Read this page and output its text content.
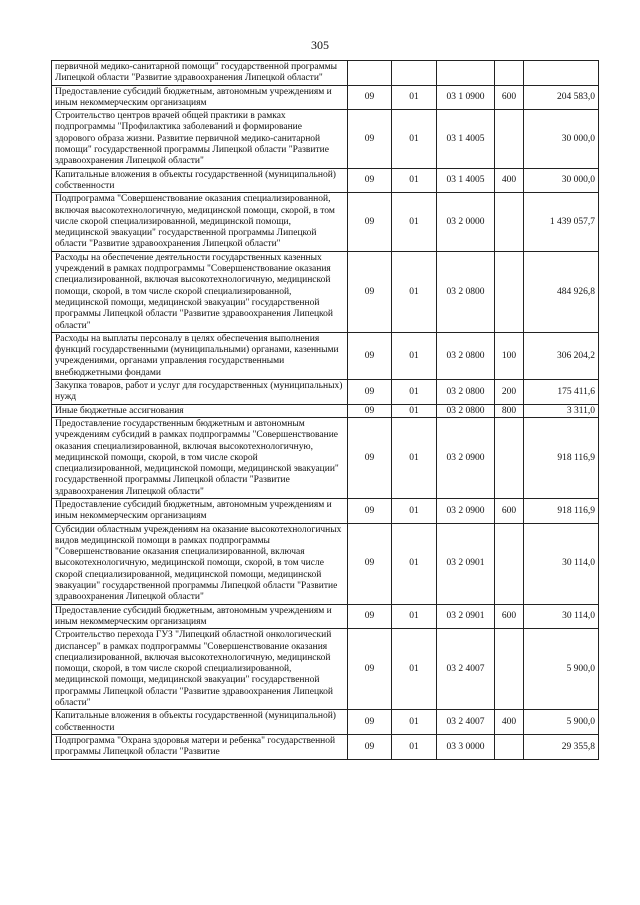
305
первичной медико-санитарной помощи" государственной программы Липецкой области "Развитие здравоохранения Липецкой области"					
Предоставление субсидий бюджетным, автономным учреждениям и иным некоммерческим организациям	09	01	03 1 0900	600	204 583,0
Строительство центров врачей общей практики в рамках подпрограммы "Профилактика заболеваний и формирование здорового образа жизни. Развитие первичной медико-санитарной помощи" государственной программы Липецкой области "Развитие здравоохранения Липецкой области"	09	01	03 1 4005		30 000,0
Капитальные вложения в объекты государственной (муниципальной) собственности	09	01	03 1 4005	400	30 000,0
Подпрограмма "Совершенствование оказания специализированной, включая высокотехнологичную, медицинской помощи, скорой, в том числе скорой специализированной, медицинской помощи, медицинской эвакуации" государственной программы Липецкой области "Развитие здравоохранения Липецкой области"	09	01	03 2 0000		1 439 057,7
Расходы на обеспечение деятельности государственных казенных учреждений в рамках подпрограммы "Совершенствование оказания специализированной, включая высокотехнологичную, медицинской помощи, скорой, в том числе скорой специализированной, медицинской помощи, медицинской эвакуации" государственной программы Липецкой области "Развитие здравоохранения Липецкой области"	09	01	03 2 0800		484 926,8
Расходы на выплаты персоналу в целях обеспечения выполнения функций государственными (муниципальными) органами, казенными учреждениями, органами управления государственными внебюджетными фондами	09	01	03 2 0800	100	306 204,2
Закупка товаров, работ и услуг для государственных (муниципальных) нужд	09	01	03 2 0800	200	175 411,6
Иные бюджетные ассигнования	09	01	03 2 0800	800	3 311,0
Предоставление государственным бюджетным и автономным учреждениям субсидий в рамках подпрограммы "Совершенствование оказания специализированной, включая высокотехнологичную, медицинской помощи, скорой, в том числе скорой специализированной, медицинской помощи, медицинской эвакуации" государственной программы Липецкой области "Развитие здравоохранения Липецкой области"	09	01	03 2 0900		918 116,9
Предоставление субсидий бюджетным, автономным учреждениям и иным некоммерческим организациям	09	01	03 2 0900	600	918 116,9
Субсидии областным учреждениям на оказание высокотехнологичных видов медицинской помощи в рамках подпрограммы "Совершенствование оказания специализированной, включая высокотехнологичную, медицинской помощи, скорой, в том числе скорой специализированной, медицинской помощи, медицинской эвакуации" государственной программы Липецкой области "Развитие здравоохранения Липецкой области"	09	01	03 2 0901		30 114,0
Предоставление субсидий бюджетным, автономным учреждениям и иным некоммерческим организациям	09	01	03 2 0901	600	30 114,0
Строительство перехода ГУЗ "Липецкий областной онкологический диспансер" в рамках подпрограммы "Совершенствование оказания специализированной, включая высокотехнологичную, медицинской помощи, скорой, в том числе скорой специализированной, медицинской помощи, медицинской эвакуации" государственной программы Липецкой области "Развитие здравоохранения Липецкой области"	09	01	03 2 4007		5 900,0
Капитальные вложения в объекты государственной (муниципальной) собственности	09	01	03 2 4007	400	5 900,0
Подпрограмма "Охрана здоровья матери и ребенка" государственной программы Липецкой области "Развитие	09	01	03 3 0000		29 355,8
